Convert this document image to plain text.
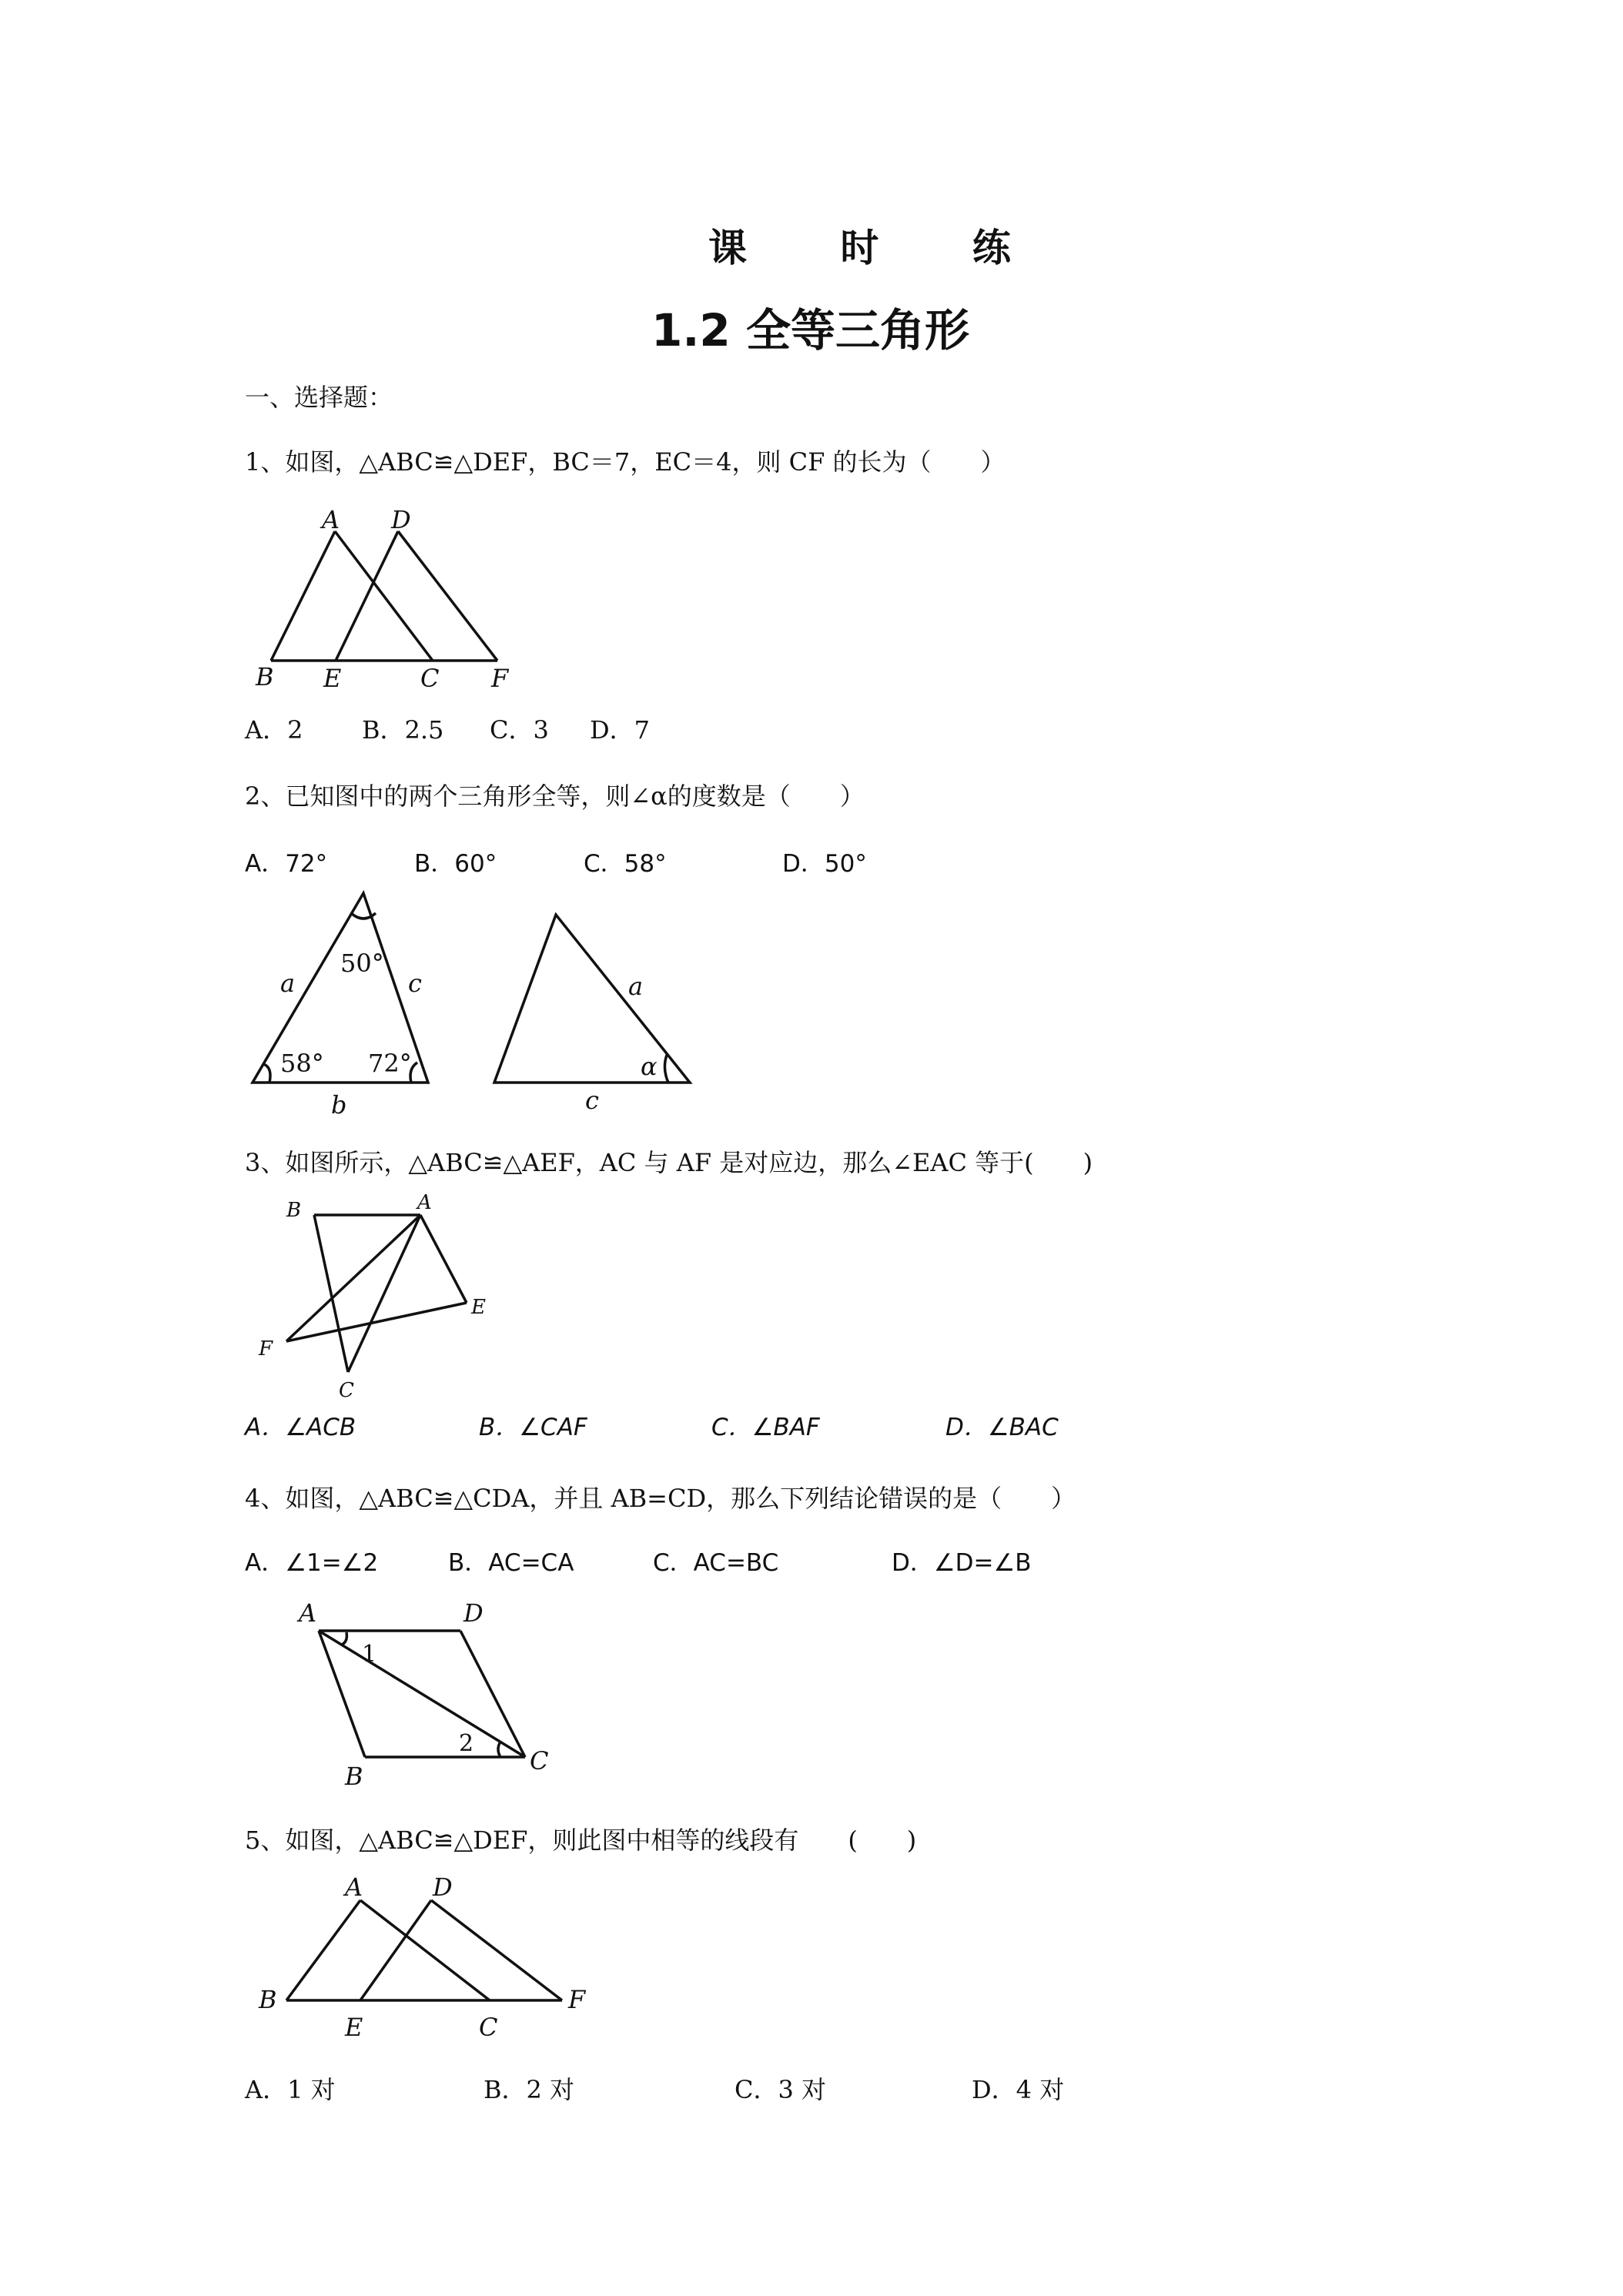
课 时 练
1.2 全等三角形
一、选择题：
1、如图，△ABC≌△DEF，BC＝7，EC＝4，则 CF 的长为（　　）
A D
B E	C F
A．2 B．2.5 C．3 D．7
2、已知图中的两个三角形全等，则∠α的度数是（　　）
A．72°	B．60°	C．58°	D．50°
50°
a	c
58° 72°
b
a
α
c
3、如图所示，△ABC≌△AEF，AC 与 AF 是对应边，那么∠EAC 等于(　　)
B	A
E
F
C
A．∠ACB	B．∠CAF	C．∠BAF	D．∠BAC
4、如图，△ABC≌△CDA，并且 AB=CD，那么下列结论错误的是（　　）
A．∠1=∠2	B．AC=CA	C．AC=BC	D．∠D=∠B
A	D
1
2
B
C
5、如图，△ABC≌△DEF，则此图中相等的线段有　　(　　)
A	D
B
E	C
F
A．1 对	B．2 对	C．3 对	D．4 对
